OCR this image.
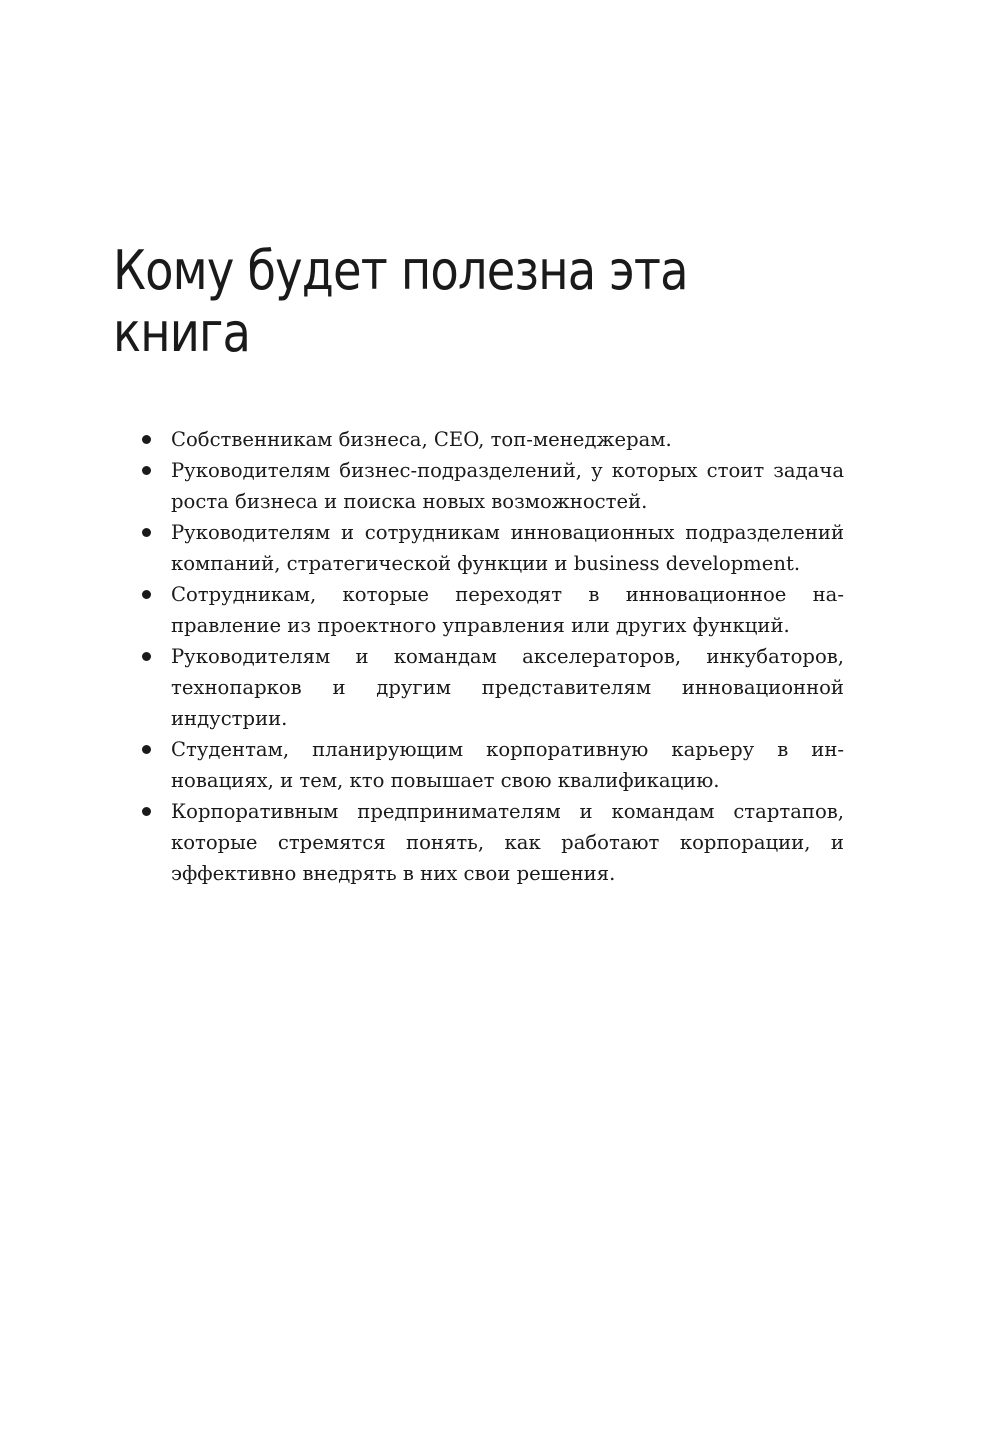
Кому будет полезна эта книга
Собственникам бизнеса, CEO, топ-менеджерам.
Руководителям бизнес-подразделений, у которых стоит задача роста бизнеса и поиска новых возможностей.
Руководителям и сотрудникам инновационных подразделений компаний, стратегической функции и business development.
Сотрудникам, которые переходят в инновационное направление из проектного управления или других функций.
Руководителям и командам акселераторов, инкубаторов, технопарков и другим представителям инновационной индустрии.
Студентам, планирующим корпоративную карьеру в инновациях, и тем, кто повышает свою квалификацию.
Корпоративным предпринимателям и командам стартапов, которые стремятся понять, как работают корпорации, и эффективно внедрять в них свои решения.
